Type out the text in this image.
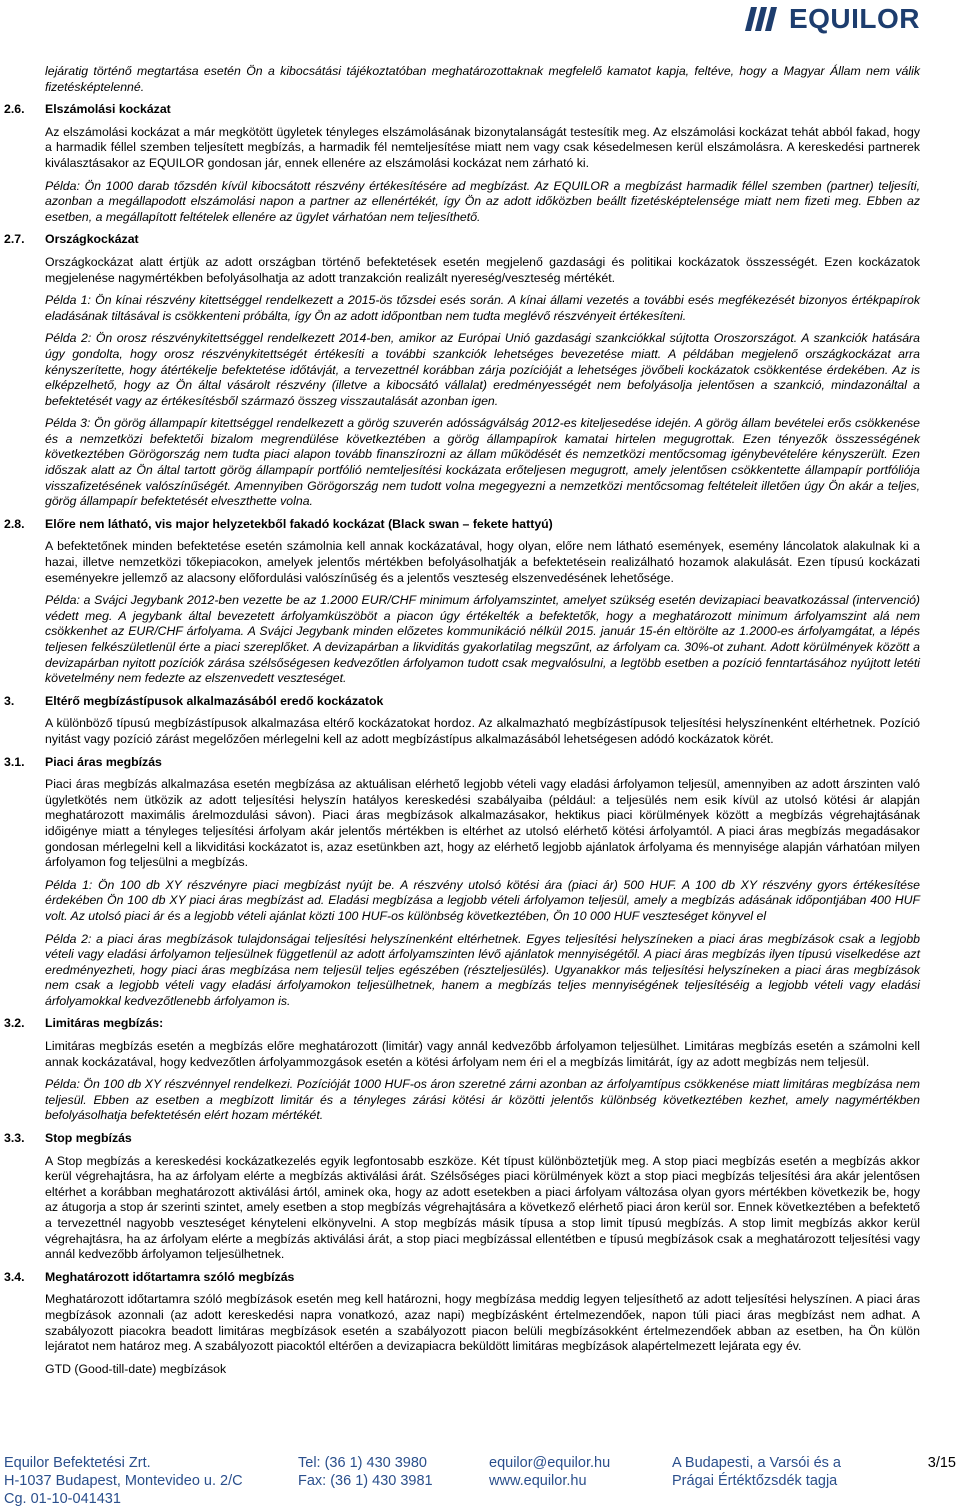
EQUILOR

lejáratig történő megtartása esetén Ön a kibocsátási tájékoztatóban meghatározottaknak megfelelő kamatot kapja, feltéve, hogy a Magyar Állam nem válik fizetésképtelenné.

2.6. Elszámolási kockázat

Az elszámolási kockázat a már megkötött ügyletek tényleges elszámolásának bizonytalanságát testesítik meg. Az elszámolási kockázat tehát abból fakad, hogy a harmadik féllel szemben teljesített megbízás, a harmadik fél nemteljesítése miatt nem vagy csak késedelmesen kerül elszámolásra. A kereskedési partnerek kiválasztásakor az EQUILOR gondosan jár, ennek ellenére az elszámolási kockázat nem zárható ki.

Példa: Ön 1000 darab tőzsdén kívül kibocsátott részvény értékesítésére ad megbízást. Az EQUILOR a megbízást harmadik féllel szemben (partner) teljesíti, azonban a megállapodott elszámolási napon a partner az ellenértékét, így Ön az adott időközben beállt fizetésképtelensége miatt nem fizeti meg. Ebben az esetben, a megállapított feltételek ellenére az ügylet várhatóan nem teljesíthető.

2.7. Országkockázat

Országkockázat alatt értjük az adott országban történő befektetések esetén megjelenő gazdasági és politikai kockázatok összességét. Ezen kockázatok megjelenése nagymértékben befolyásolhatja az adott tranzakción realizált nyereség/veszteség mértékét.

Példa 1: Ön kínai részvény kitettséggel rendelkezett a 2015-ös tőzsdei esés során. A kínai állami vezetés a további esés megfékezését bizonyos értékpapírok eladásának tiltásával is csökkenteni próbálta, így Ön az adott időpontban nem tudta meglévő részvényeit értékesíteni.

Példa 2: Ön orosz részvénykitettséggel rendelkezett 2014-ben, amikor az Európai Unió gazdasági szankciókkal sújtotta Oroszországot. A szankciók hatására úgy gondolta, hogy orosz részvénykitettségét értékesíti a további szankciók lehetséges bevezetése miatt. A példában megjelenő országkockázat arra kényszerítette, hogy átértékelje befektetése időtávját, a tervezettnél korábban zárja pozícióját a lehetséges jövőbeli kockázatok csökkentése érdekében. Az is elképzelhető, hogy az Ön által vásárolt részvény (illetve a kibocsátó vállalat) eredményességét nem befolyásolja jelentősen a szankció, mindazonáltal a befektetését vagy az értékesítésből származó összeg visszautalását azonban igen.

Példa 3: Ön görög állampapír kitettséggel rendelkezett a görög szuverén adósságválság 2012-es kiteljesedése idején. A görög állam bevételei erős csökkenése és a nemzetközi befektetői bizalom megrendülése következtében a görög állampapírok kamatai hirtelen megugrottak. Ezen tényezők összességének következtében Görögország nem tudta piaci alapon tovább finanszírozni az állam működését és nemzetközi mentőcsomag igénybevételére kényszerült. Ezen időszak alatt az Ön által tartott görög állampapír portfólió nemteljesítési kockázata erőteljesen megugrott, amely jelentősen csökkentette állampapír portfóliója visszafizetésének valószínűségét. Amennyiben Görögország nem tudott volna megegyezni a nemzetközi mentőcsomag feltételeit illetően úgy Ön akár a teljes, görög állampapír befektetését elveszthette volna.

2.8. Előre nem látható, vis major helyzetekből fakadó kockázat (Black swan – fekete hattyú)

A befektetőnek minden befektetése esetén számolnia kell annak kockázatával, hogy olyan, előre nem látható események, esemény láncolatok alakulnak ki a hazai, illetve nemzetközi tőkepiacokon, amelyek jelentős mértékben befolyásolhatják a befektetésein realizálható hozamok alakulását. Ezen típusú kockázati eseményekre jellemző az alacsony előfordulási valószínűség és a jelentős veszteség elszenvedésének lehetősége.

Példa: a Svájci Jegybank 2012-ben vezette be az 1.2000 EUR/CHF minimum árfolyamszintet, amelyet szükség esetén devizapiaci beavatkozással (intervenció) védett meg. A jegybank által bevezetett árfolyamküszöböt a piacon úgy értékelték a befektetők, hogy a meghatározott minimum árfolyamszint alá nem csökkenhet az EUR/CHF árfolyama. A Svájci Jegybank minden előzetes kommunikáció nélkül 2015. január 15-én eltörölte az 1.2000-es árfolyamgátat, a lépés teljesen felkészületlenül érte a piaci szereplőket. A devizapárban a likviditás gyakorlatilag megszűnt, az árfolyam ca. 30%-ot zuhant. Adott körülmények között a devizapárban nyitott pozíciók zárása szélsőségesen kedvezőtlen árfolyamon tudott csak megvalósulni, a legtöbb esetben a pozíció fenntartásához nyújtott letéti követelmény nem fedezte az elszenvedett veszteséget.

3. Eltérő megbízástípusok alkalmazásából eredő kockázatok

A különböző típusú megbízástípusok alkalmazása eltérő kockázatokat hordoz. Az alkalmazható megbízástípusok teljesítési helyszínenként eltérhetnek. Pozíció nyitást vagy pozíció zárást megelőzően mérlegelni kell az adott megbízástípus alkalmazásából lehetségesen adódó kockázatok körét.

3.1. Piaci áras megbízás

Piaci áras megbízás alkalmazása esetén megbízása az aktuálisan elérhető legjobb vételi vagy eladási árfolyamon teljesül, amennyiben az adott árszinten való ügyletkötés nem ütközik az adott teljesítési helyszín hatályos kereskedési szabályaiba (például: a teljesülés nem esik kívül az utolsó kötési ár alapján meghatározott maximális árelmozdulási sávon). Piaci áras megbízások alkalmazásakor, hektikus piaci körülmények között a megbízás végrehajtásának időigénye miatt a tényleges teljesítési árfolyam akár jelentős mértékben is eltérhet az utolsó elérhető kötési árfolyamtól. A piaci áras megbízás megadásakor gondosan mérlegelni kell a likviditási kockázatot is, azaz esetünkben azt, hogy az elérhető legjobb ajánlatok árfolyama és mennyisége alapján várhatóan milyen árfolyamon fog teljesülni a megbízás.

Példa 1: Ön 100 db XY részvényre piaci megbízást nyújt be. A részvény utolsó kötési ára (piaci ár) 500 HUF. A 100 db XY részvény gyors értékesítése érdekében Ön 100 db XY piaci áras megbízást ad. Eladási megbízása a legjobb vételi árfolyamon teljesül, amely a megbízás adásának időpontjában 400 HUF volt. Az utolsó piaci ár és a legjobb vételi ajánlat közti 100 HUF-os különbség következtében, Ön 10 000 HUF veszteséget könyvel el

Példa 2: a piaci áras megbízások tulajdonságai teljesítési helyszínenként eltérhetnek. Egyes teljesítési helyszíneken a piaci áras megbízások csak a legjobb vételi vagy eladási árfolyamon teljesülnek függetlenül az adott árfolyamszinten lévő ajánlatok mennyiségétől. A piaci áras megbízás ilyen típusú viselkedése azt eredményezheti, hogy piaci áras megbízása nem teljesül teljes egészében (részteljesülés). Ugyanakkor más teljesítési helyszíneken a piaci áras megbízások nem csak a legjobb vételi vagy eladási árfolyamokon teljesülhetnek, hanem a megbízás teljes mennyiségének teljesítéséig a legjobb vételi vagy eladási árfolyamokkal kedvezőtlenebb árfolyamon is.

3.2. Limitáras megbízás:

Limitáras megbízás esetén a megbízás előre meghatározott (limitár) vagy annál kedvezőbb árfolyamon teljesülhet. Limitáras megbízás esetén a számolni kell annak kockázatával, hogy kedvezőtlen árfolyammozgások esetén a kötési árfolyam nem éri el a megbízás limitárát, így az adott megbízás nem teljesül.

Példa: Ön 100 db XY részvénnyel rendelkezi. Pozícióját 1000 HUF-os áron szeretné zárni azonban az árfolyamtípus csökkenése miatt limitáras megbízása nem teljesül. Ebben az esetben a megbízott limitár és a tényleges zárási kötési ár közötti jelentős különbség következtében kezhet, amely nagymértékben befolyásolhatja befektetésén elért hozam mértékét.

3.3. Stop megbízás

A Stop megbízás a kereskedési kockázatkezelés egyik legfontosabb eszköze. Két típust különböztetjük meg. A stop piaci megbízás esetén a megbízás akkor kerül végrehajtásra, ha az árfolyam elérte a megbízás aktiválási árát. Szélsőséges piaci körülmények közt a stop piaci megbízás teljesítési ára akár jelentősen eltérhet a korábban meghatározott aktiválási ártól, aminek oka, hogy az adott esetekben a piaci árfolyam változása olyan gyors mértékben következik be, hogy az átugorja a stop ár szerinti szintet, amely esetben a stop megbízás végrehajtására a következő elérhető piaci áron kerül sor. Ennek következtében a befektető a tervezettnél nagyobb veszteséget kényteleni elkönyvelni. A stop megbízás másik típusa a stop limit típusú megbízás. A stop limit megbízás akkor kerül végrehajtásra, ha az árfolyam elérte a megbízás aktiválási árát, a stop piaci megbízással ellentétben e típusú megbízások csak a meghatározott teljesítési vagy annál kedvezőbb árfolyamon teljesülhetnek.

3.4. Meghatározott időtartamra szóló megbízás

Meghatározott időtartamra szóló megbízások esetén meg kell határozni, hogy megbízása meddig legyen teljesíthető az adott teljesítési helyszínen. A piaci áras megbízások azonnali (az adott kereskedési napra vonatkozó, azaz napi) megbízásként értelmezendőek, napon túli piaci áras megbízást nem adhat. A szabályozott piacokra beadott limitáras megbízások esetén a szabályozott piacon belüli megbízásokként értelmezendőek abban az esetben, ha Ön külön lejáratot nem határoz meg. A szabályozott piacoktól eltérően a devizapiacra beküldött limitáras megbízások alapértelmezett lejárata egy év.

GTD (Good-till-date) megbízások

Equilor Befektetési Zrt.
H-1037 Budapest, Montevideo u. 2/C
Cg. 01-10-041431
Tel: (36 1) 430 3980
Fax: (36 1) 430 3981
equilor@equilor.hu
www.equilor.hu
A Budapesti, a Varsói és a
Prágai Értéktőzsdék tagja
3/15
